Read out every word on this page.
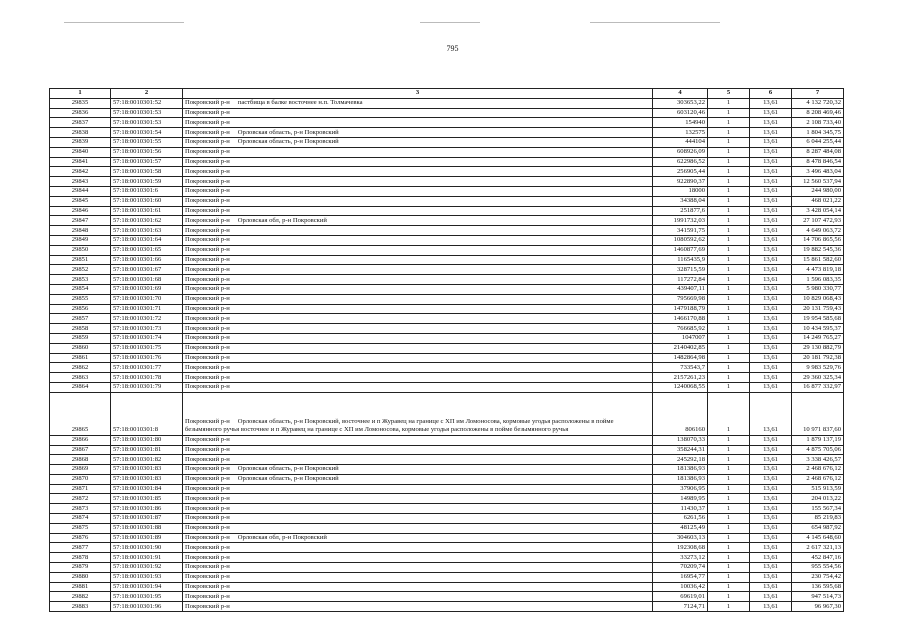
795
1	2	3	4	5	6	7
29835	57:18:0010301:52	Покровский р-н пастбища в балке восточнее н.п. Толмачевка	303653,22	1	13,61	4 132 720,32
29836	57:18:0010301:53	Покровский р-н	603120,46	1	13,61	8 208 469,46
29837	57:18:0010301:53	Покровский р-н	154940	1	13,61	2 108 733,40
29838	57:18:0010301:54	Покровский р-н Орловская область, р-н Покровский	132575	1	13,61	1 804 345,75
29839	57:18:0010301:55	Покровский р-н Орловская область, р-н Покровский	444104	1	13,61	6 044 255,44
29840	57:18:0010301:56	Покровский р-н	608926,09	1	13,61	8 287 484,08
29841	57:18:0010301:57	Покровский р-н	622986,52	1	13,61	8 478 846,54
29842	57:18:0010301:58	Покровский р-н	256905,44	1	13,61	3 496 483,04
29843	57:18:0010301:59	Покровский р-н	922890,37	1	13,61	12 560 537,94
29844	57:18:0010301:6	Покровский р-н	18000	1	13,61	244 980,00
29845	57:18:0010301:60	Покровский р-н	34388,04	1	13,61	468 021,22
29846	57:18:0010301:61	Покровский р-н	251877,6	1	13,61	3 428 054,14
29847	57:18:0010301:62	Покровский р-н Орловская обл, р-н Покровский	1991732,03	1	13,61	27 107 472,93
29848	57:18:0010301:63	Покровский р-н	341591,75	1	13,61	4 649 063,72
29849	57:18:0010301:64	Покровский р-н	1080592,62	1	13,61	14 706 865,56
29850	57:18:0010301:65	Покровский р-н	1460877,69	1	13,61	19 882 545,36
29851	57:18:0010301:66	Покровский р-н	1165435,9	1	13,61	15 861 582,60
29852	57:18:0010301:67	Покровский р-н	328715,59	1	13,61	4 473 819,18
29853	57:18:0010301:68	Покровский р-н	117272,84	1	13,61	1 596 083,35
29854	57:18:0010301:69	Покровский р-н	439407,11	1	13,61	5 980 330,77
29855	57:18:0010301:70	Покровский р-н	795669,98	1	13,61	10 829 068,43
29856	57:18:0010301:71	Покровский р-н	1479188,79	1	13,61	20 131 759,43
29857	57:18:0010301:72	Покровский р-н	1466170,88	1	13,61	19 954 585,68
29858	57:18:0010301:73	Покровский р-н	766685,92	1	13,61	10 434 595,37
29859	57:18:0010301:74	Покровский р-н	1047007	1	13,61	14 249 765,27
29860	57:18:0010301:75	Покровский р-н	2140402,85	1	13,61	29 130 882,79
29861	57:18:0010301:76	Покровский р-н	1482864,98	1	13,61	20 181 792,38
29862	57:18:0010301:77	Покровский р-н	733543,7	1	13,61	9 983 529,76
29863	57:18:0010301:78	Покровский р-н	2157261,23	1	13,61	29 360 325,34
29864	57:18:0010301:79	Покровский р-н	1240068,55	1	13,61	16 877 332,97
29865	57:18:0010301:8	Покровский р-н Орловская область, р-н Покровский, восточнее и п Журавец на границе с ХП им Ломоносова, кормовые угодья расположены в пойме безымянного ручья восточнее и п Журавец на границе с ХП им Ломоносова, кормовые угодья расположены в пойме безымянного ручья	806160	1	13,61	10 971 837,60
29866	57:18:0010301:80	Покровский р-н	138070,33	1	13,61	1 879 137,19
29867	57:18:0010301:81	Покровский р-н	358244,31	1	13,61	4 875 705,06
29868	57:18:0010301:82	Покровский р-н	245292,18	1	13,61	3 338 426,57
29869	57:18:0010301:83	Покровский р-н Орловская область, р-н Покровский	181386,93	1	13,61	2 468 676,12
29870	57:18:0010301:83	Покровский р-н Орловская область, р-н Покровский	181386,93	1	13,61	2 468 676,12
29871	57:18:0010301:84	Покровский р-н	37906,95	1	13,61	515 913,59
29872	57:18:0010301:85	Покровский р-н	14989,95	1	13,61	204 013,22
29873	57:18:0010301:86	Покровский р-н	11430,37	1	13,61	155 567,34
29874	57:18:0010301:87	Покровский р-н	6261,56	1	13,61	85 219,83
29875	57:18:0010301:88	Покровский р-н	48125,49	1	13,61	654 987,92
29876	57:18:0010301:89	Покровский р-н Орловская обл, р-н Покровский	304603,13	1	13,61	4 145 648,60
29877	57:18:0010301:90	Покровский р-н	192308,68	1	13,61	2 617 321,13
29878	57:18:0010301:91	Покровский р-н	33273,12	1	13,61	452 847,16
29879	57:18:0010301:92	Покровский р-н	70209,74	1	13,61	955 554,56
29880	57:18:0010301:93	Покровский р-н	16954,77	1	13,61	230 754,42
29881	57:18:0010301:94	Покровский р-н	10036,42	1	13,61	136 595,68
29882	57:18:0010301:95	Покровский р-н	69619,01	1	13,61	947 514,73
29883	57:18:0010301:96	Покровский р-н	7124,71	1	13,61	96 967,30
